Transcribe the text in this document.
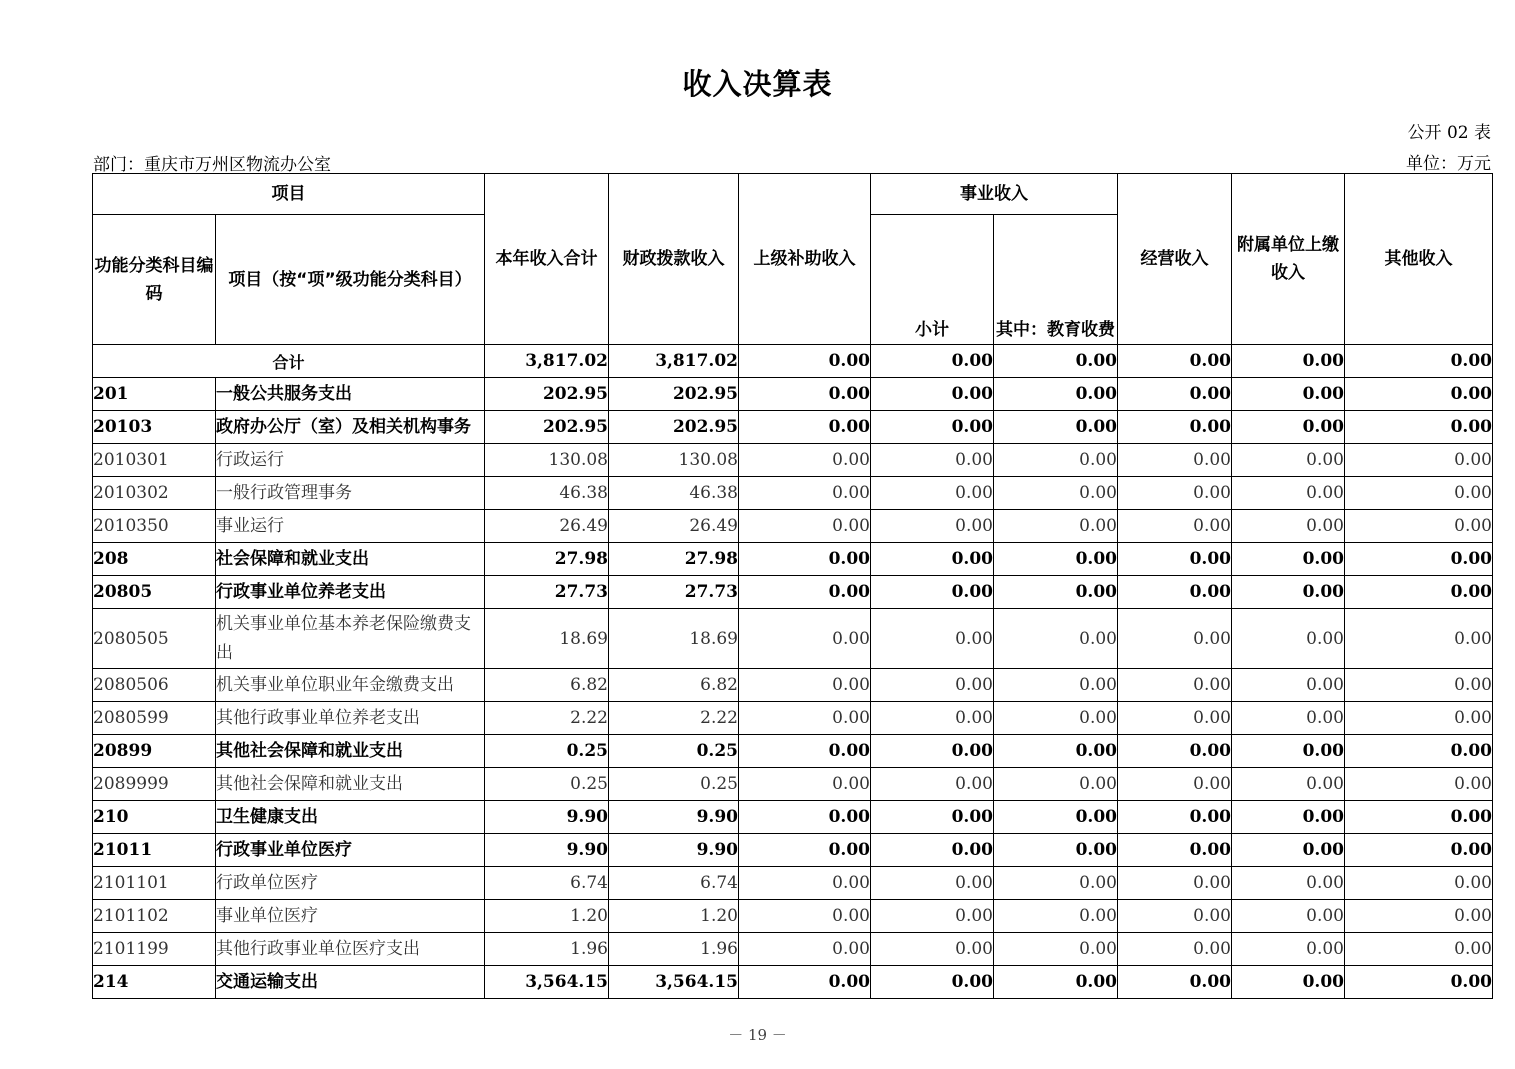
收入决算表
公开 02 表
部门：重庆市万州区物流办公室	单位：万元
项目		本年收入合计	财政拨款收入	上级补助收入	事业收入		经营收入	附属单位上缴收入	其他收入
功能分类科目编码	项目（按“项”级功能分类科目）				小计	其中：教育收费			
合计		3,817.02	3,817.02	0.00	0.00	0.00	0.00	0.00	0.00
201	一般公共服务支出	202.95	202.95	0.00	0.00	0.00	0.00	0.00	0.00
20103	政府办公厅（室）及相关机构事务	202.95	202.95	0.00	0.00	0.00	0.00	0.00	0.00
2010301	行政运行	130.08	130.08	0.00	0.00	0.00	0.00	0.00	0.00
2010302	一般行政管理事务	46.38	46.38	0.00	0.00	0.00	0.00	0.00	0.00
2010350	事业运行	26.49	26.49	0.00	0.00	0.00	0.00	0.00	0.00
208	社会保障和就业支出	27.98	27.98	0.00	0.00	0.00	0.00	0.00	0.00
20805	行政事业单位养老支出	27.73	27.73	0.00	0.00	0.00	0.00	0.00	0.00
2080505	机关事业单位基本养老保险缴费支出	18.69	18.69	0.00	0.00	0.00	0.00	0.00	0.00
2080506	机关事业单位职业年金缴费支出	6.82	6.82	0.00	0.00	0.00	0.00	0.00	0.00
2080599	其他行政事业单位养老支出	2.22	2.22	0.00	0.00	0.00	0.00	0.00	0.00
20899	其他社会保障和就业支出	0.25	0.25	0.00	0.00	0.00	0.00	0.00	0.00
2089999	其他社会保障和就业支出	0.25	0.25	0.00	0.00	0.00	0.00	0.00	0.00
210	卫生健康支出	9.90	9.90	0.00	0.00	0.00	0.00	0.00	0.00
21011	行政事业单位医疗	9.90	9.90	0.00	0.00	0.00	0.00	0.00	0.00
2101101	行政单位医疗	6.74	6.74	0.00	0.00	0.00	0.00	0.00	0.00
2101102	事业单位医疗	1.20	1.20	0.00	0.00	0.00	0.00	0.00	0.00
2101199	其他行政事业单位医疗支出	1.96	1.96	0.00	0.00	0.00	0.00	0.00	0.00
214	交通运输支出	3,564.15	3,564.15	0.00	0.00	0.00	0.00	0.00	0.00
－ 19 －
